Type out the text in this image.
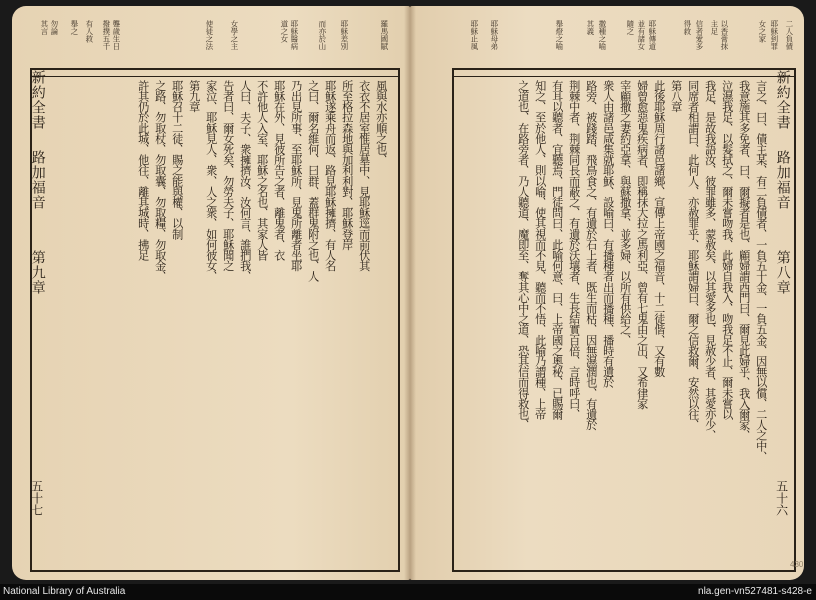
新約全書
路加福音
第九章
五十七
羅馬國賦
耶穌差別
而亦於山
耶穌醫病
道之女
女學之主
使徒之法
聾歲生日
撥撲五千
有人救
舉之
勿論
其言
風與水亦順之也、
衣衣不居室惟居墓中、見耶穌逕而前伏其
所至格拉森地與加利利對、耶穌登岸
耶穌遂乘舟而返、路見耶穌擁擠、有人名
之曰、爾名維何、曰群、蓋群鬼附之也、人
乃出見所事、至耶穌所、見鬼所離者坐耶
耶穌在外、見彼所告之者、離鬼者、衣
不許他人入室、耶穌之名也、其家人皆
人曰、夫子、衆擁擠汝、汝何言、誰捫我、
告者曰、爾女死矣、勿勞夫子、耶穌聞之
家泣、耶穌見人、衆、人之衆、如何彼女、
第九章
耶穌召十二徒、賜之能與權、以制
之路、勿取杖、勿取囊、勿取糧、勿取金、
許其仍於此城、他往、離其城時、拂足	新約全書
路加福音
第八章
五十六
二人負債
耶穌到罪
女之家
以香膏抹
主足
信者愛多
得救
耶穌傳道
並有諸女
隨之
撒種之喻
其義
舉燈之喻
耶穌母弟
耶穌止風
言之、曰、債主某、有二負債者、一負五十金、一負五金、因無以償、二人之中、
我意施其多免者、曰、爾擬者是也、顧婦謂西門曰、爾見此婦乎、我入爾家、
泣濕我足、以髮拭之、爾未嘗吻我、此婦自我入、吻我足不止、爾未嘗以
我足、是故我語汝、彼罪雖多、蒙赦矣、以其愛多也、見赦少者、其愛亦少、
同席者相謂曰、此何人、亦赦罪乎、耶穌謂婦曰、爾之信救爾、安然以往、
第八章
此後耶穌周行諸邑諸鄉、宣傳上帝國之福音、十二徒偕、又有數
婦曾愈惡鬼疾病者、即稱抹大拉之馬利亞、曾有七鬼由之出、又希律家
宰顧撒之妻約亞拿、與蘇撒拿、並多婦、以所有供給之、
衆人由諸邑咸集就耶穌、設喻曰、有播種者出而播種、播時有遺於
路旁、被踐踏、飛鳥食之、有遺於石上者、既生而枯、因無濕潤也、有遺於
荆棘中者、荆棘同長而蔽之、有遺於沃壤者、生長結實百倍、言時呼曰、
有耳以聽者、宜聽焉、門徒問曰、此喻何意、曰、上帝國之奧秘、已賜爾
知之、至於他人、則以喻、使其視而不見、聽而不悟、此喻乃謂種、上帝
之道也、在路旁者、乃人聽道、魔即至、奪其心中之道、恐其信而得救也、
430
National Library of Australia	nla.gen-vn527481-s428-e
